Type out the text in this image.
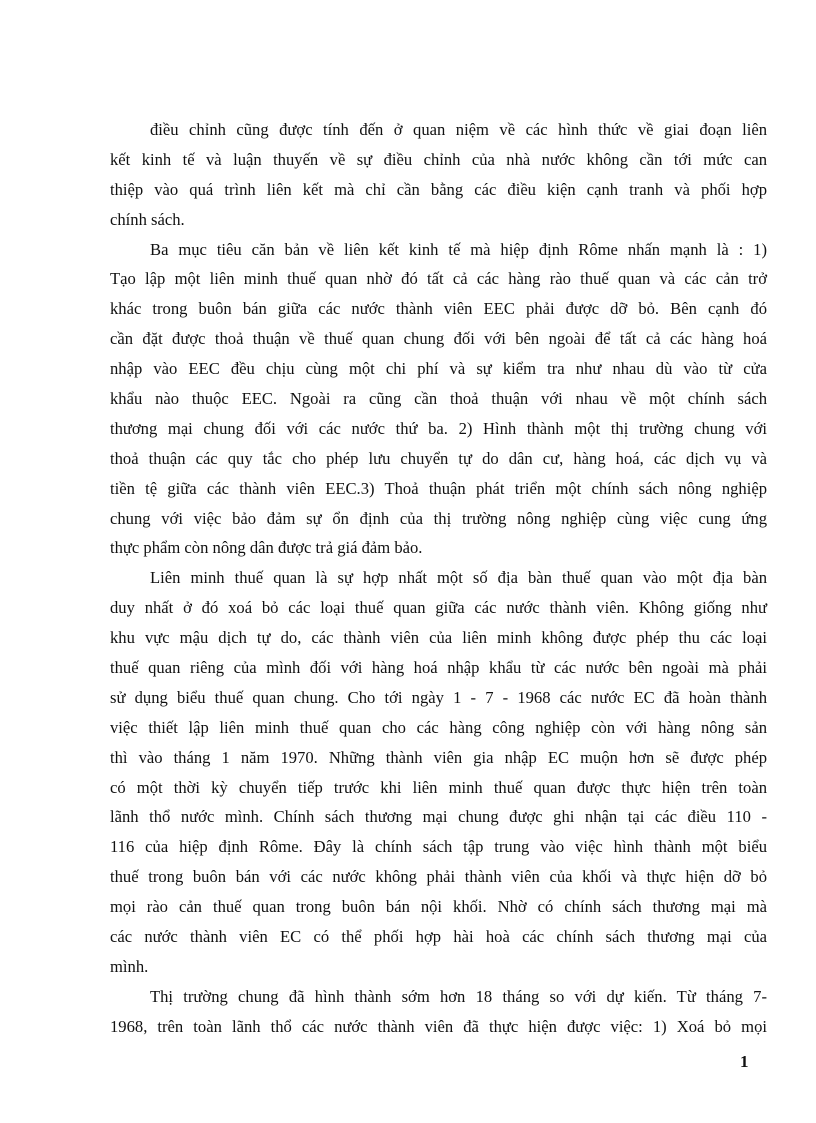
điều chỉnh cũng được tính đến ở quan niệm về các hình thức về giai đoạn liên
kết kinh tế và luận thuyến về sự điều chỉnh của nhà nước không cần tới mức can
thiệp vào quá trình liên kết mà chỉ cần bằng các điều kiện cạnh tranh và phối hợp
chính sách.
Ba mục tiêu căn bản về liên kết kinh tế mà hiệp định Rôme nhấn mạnh là : 1)
Tạo lập một liên minh thuế quan nhờ đó tất cả các hàng rào thuế quan và các cản trở
khác trong buôn bán giữa các nước thành viên EEC phải được dỡ bỏ. Bên cạnh đó
cần đặt được thoả thuận về thuế quan chung đối với bên ngoài để tất cả các hàng hoá
nhập vào EEC đều chịu cùng một chi phí và sự kiểm tra như nhau dù vào từ cửa
khẩu nào thuộc EEC. Ngoài ra cũng cần thoả thuận với nhau về một chính sách
thương mại chung đối với các nước thứ ba. 2) Hình thành một thị trường chung với
thoả thuận các quy tắc cho phép lưu chuyển tự do dân cư, hàng hoá, các dịch vụ và
tiền tệ giữa các thành viên EEC.3) Thoả thuận phát triển một chính sách nông nghiệp
chung với việc bảo đảm sự ổn định của thị trường nông nghiệp cùng việc cung ứng
thực phẩm còn nông dân được trả giá đảm bảo.
Liên minh thuế quan là sự hợp nhất một số địa bàn thuế quan vào một địa bàn
duy nhất ở đó xoá bỏ các loại thuế quan giữa các nước thành viên. Không giống như
khu vực mậu dịch tự do, các thành viên của liên minh không được phép thu các loại
thuế quan riêng của mình đối với hàng hoá nhập khẩu từ các nước bên ngoài mà phải
sử dụng biểu thuế quan chung. Cho tới ngày 1 - 7 - 1968 các nước EC đã hoàn thành
việc thiết lập liên minh thuế quan cho các hàng công nghiệp còn với hàng nông sản
thì vào tháng 1 năm 1970. Những thành viên gia nhập EC muộn hơn sẽ được phép
có một thời kỳ chuyển tiếp trước khi liên minh thuế quan được thực hiện trên toàn
lãnh thổ nước mình. Chính sách thương mại chung được ghi nhận tại các điều 110 -
116 của hiệp định Rôme. Đây là chính sách tập trung vào việc hình thành một biểu
thuế trong buôn bán với các nước không phải thành viên của khối và thực hiện dỡ bỏ
mọi rào cản thuế quan trong buôn bán nội khối. Nhờ có chính sách thương mại mà
các nước thành viên EC có thể phối hợp hài hoà các chính sách thương mại của
mình.
Thị trường chung đã hình thành sớm hơn 18 tháng so với dự kiến. Từ tháng 7-
1968, trên toàn lãnh thổ các nước thành viên đã thực hiện được việc: 1) Xoá bỏ mọi
1
